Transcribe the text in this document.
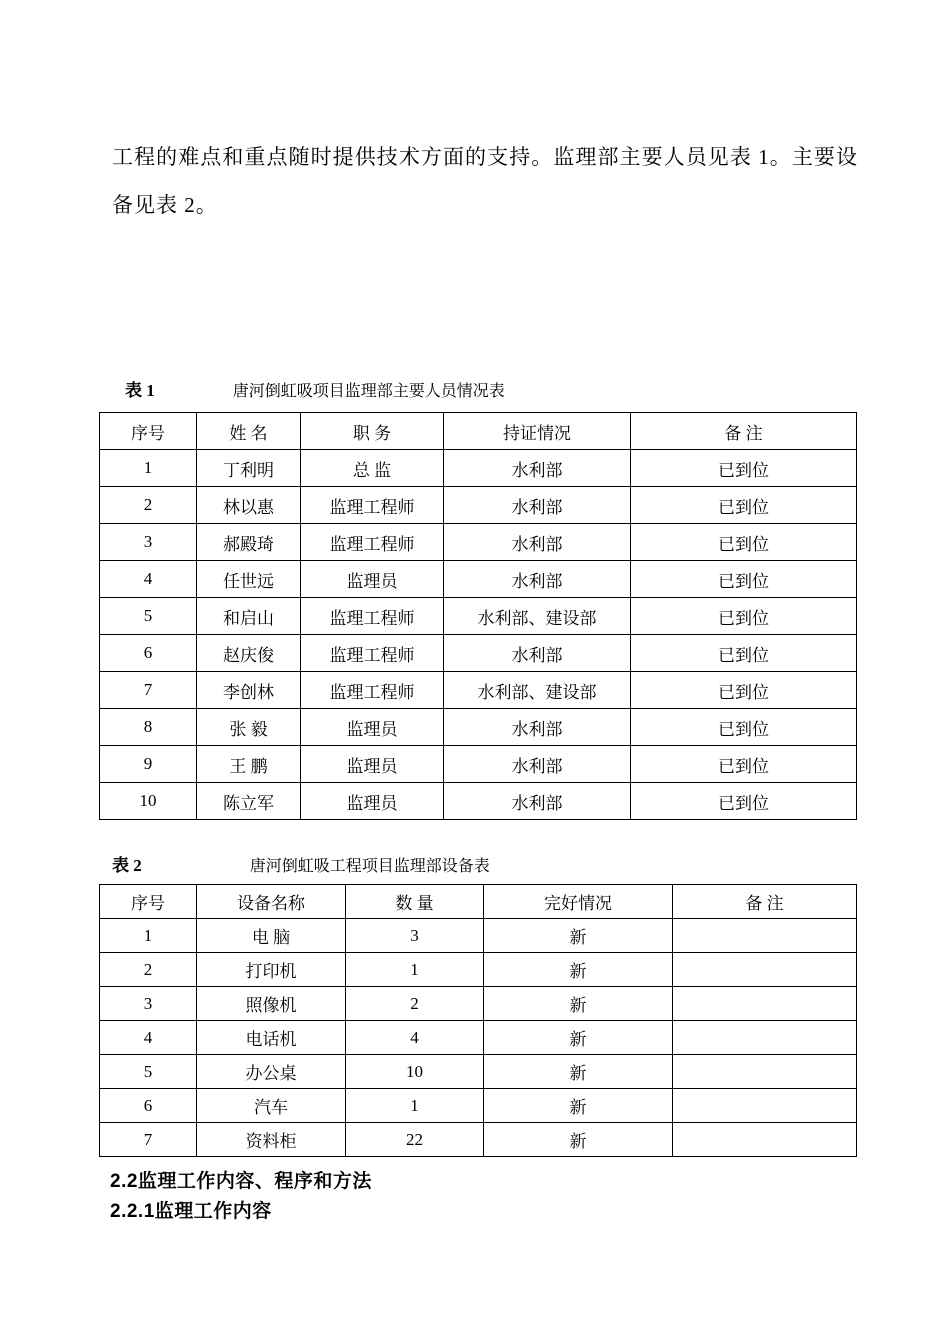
工程的难点和重点随时提供技术方面的支持。监理部主要人员见表 1。主要设备见表 2。

表 1	唐河倒虹吸项目监理部主要人员情况表
序号	姓 名	职 务	持证情况	备 注
1	丁利明	总 监	水利部	已到位
2	林以惠	监理工程师	水利部	已到位
3	郝殿琦	监理工程师	水利部	已到位
4	任世远	监理员	水利部	已到位
5	和启山	监理工程师	水利部、建设部	已到位
6	赵庆俊	监理工程师	水利部	已到位
7	李创林	监理工程师	水利部、建设部	已到位
8	张 毅	监理员	水利部	已到位
9	王 鹏	监理员	水利部	已到位
10	陈立军	监理员	水利部	已到位
表 2	唐河倒虹吸工程项目监理部设备表
序号	设备名称	数 量	完好情况	备 注
1	电 脑	3	新	
2	打印机	1	新	
3	照像机	2	新	
4	电话机	4	新	
5	办公桌	10	新	
6	汽车	1	新	
7	资料柜	22	新	
2.2监理工作内容、程序和方法
2.2.1监理工作内容
